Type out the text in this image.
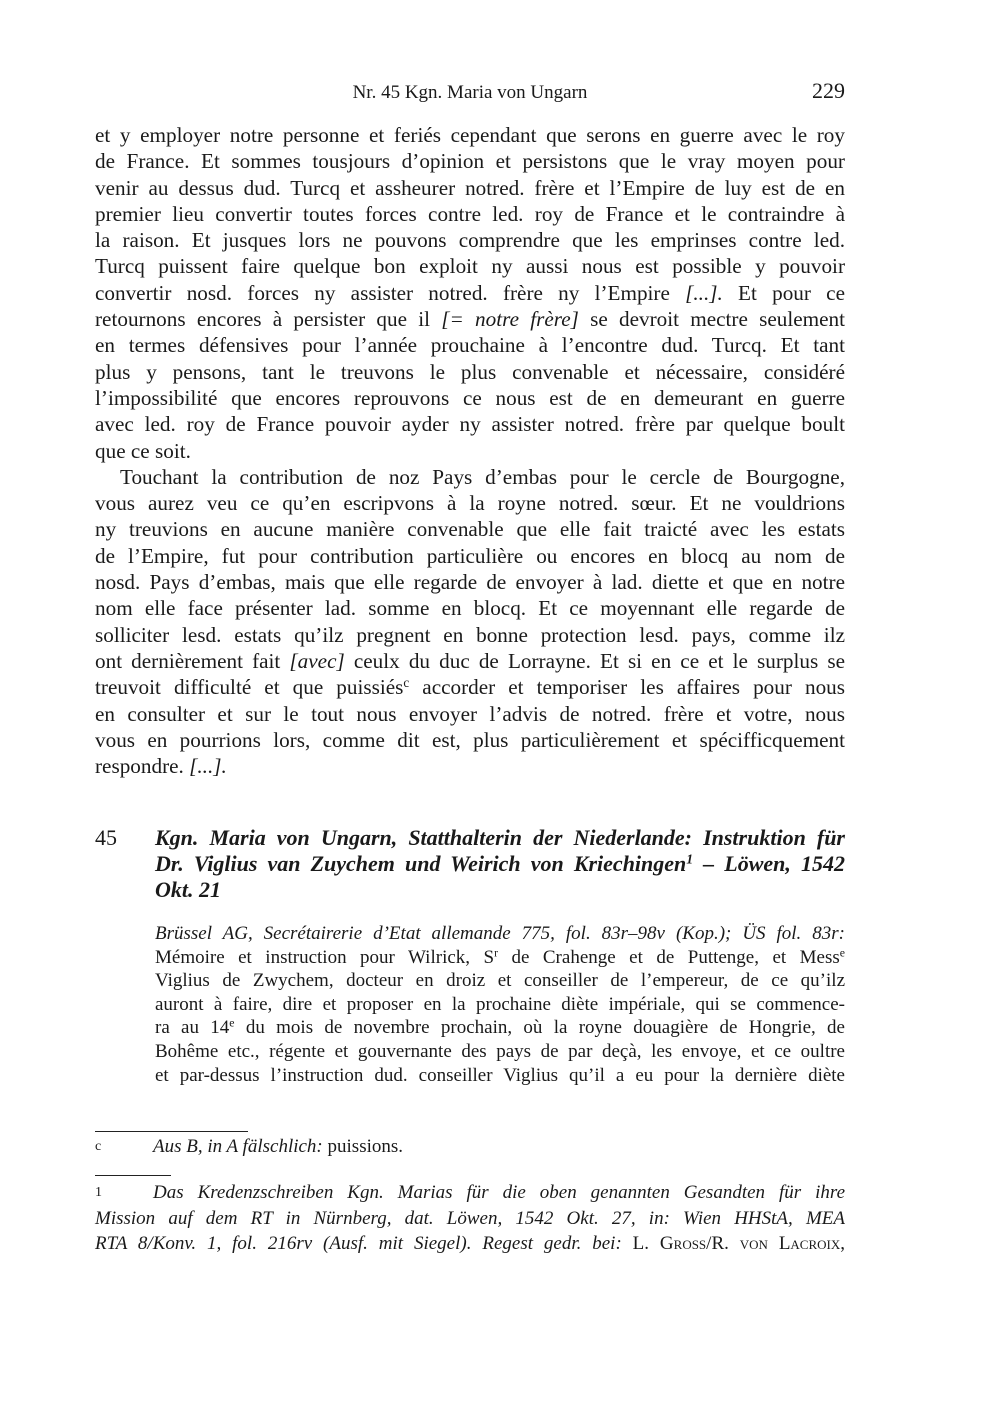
Nr. 45 Kgn. Maria von Ungarn	229
et y employer notre personne et feriés cependant que serons en guerre avec le roy
de France. Et sommes tousjours d’opinion et persistons que le vray moyen pour
venir au dessus dud. Turcq et assheurer notred. frère et l’Empire de luy est de en
premier lieu convertir toutes forces contre led. roy de France et le contraindre à
la raison. Et jusques lors ne pouvons comprendre que les emprinses contre led.
Turcq puissent faire quelque bon exploit ny aussi nous est possible y pouvoir
convertir nosd. forces ny assister notred. frère ny l’Empire [...]. Et pour ce
retournons encores à persister que il [= notre frère] se devroit mectre seulement
en termes défensives pour l’année prouchaine à l’encontre dud. Turcq. Et tant
plus y pensons, tant le treuvons le plus convenable et nécessaire, considéré
l’impossibilité que encores reprouvons ce nous est de en demeurant en guerre
avec led. roy de France pouvoir ayder ny assister notred. frère par quelque boult
que ce soit.
Touchant la contribution de noz Pays d’embas pour le cercle de Bourgogne,
vous aurez veu ce qu’en escripvons à la royne notred. sœur. Et ne vouldrions
ny treuvions en aucune manière convenable que elle fait traicté avec les estats
de l’Empire, fut pour contribution particulière ou encores en blocq au nom de
nosd. Pays d’embas, mais que elle regarde de envoyer à lad. diette et que en notre
nom elle face présenter lad. somme en blocq. Et ce moyennant elle regarde de
solliciter lesd. estats qu’ilz pregnent en bonne protection lesd. pays, comme ilz
ont dernièrement fait [avec] ceulx du duc de Lorrayne. Et si en ce et le surplus se
treuvoit difficulté et que puissiés$^c$ accorder et temporiser les affaires pour nous
en consulter et sur le tout nous envoyer l’advis de notred. frère et votre, nous
vous en pourrions lors, comme dit est, plus particulièrement et spécifficquement
respondre. [...].
45 Kgn. Maria von Ungarn, Statthalterin der Niederlande: Instruktion für
Dr. Viglius van Zuychem und Weirich von Kriechingen$^1$ – Löwen, 1542
Okt. 21
Brüssel AG, Secrétairerie d’Etat allemande 775, fol. 83r–98v (Kop.); ÜS fol. 83r:
Mémoire et instruction pour Wilrick, $S^r$ de Crahenge et de Puttenge, et Mess$^e$
Viglius de Zwychem, docteur en droiz et conseiller de l’empereur, de ce qu’ilz
auront à faire, dire et proposer en la prochaine diète impériale, qui se commence-
ra au 14e du mois de novembre prochain, où la royne douagière de Hongrie, de
Bohême etc., régente et gouvernante des pays de par deçà, les envoye, et ce oultre
et par-dessus l’instruction dud. conseiller Viglius qu’il a eu pour la dernière diète
c	Aus B, in A fälschlich: puissions.
1	Das Kredenzschreiben Kgn. Marias für die oben genannten Gesandten für ihre
Mission auf dem RT in Nürnberg, dat. Löwen, 1542 Okt. 27, in: Wien HHStA, MEA
RTA 8/Konv. 1, fol. 216rv (Ausf. mit Siegel). Regest gedr. bei: L. Groß/R. von Lacroix,
